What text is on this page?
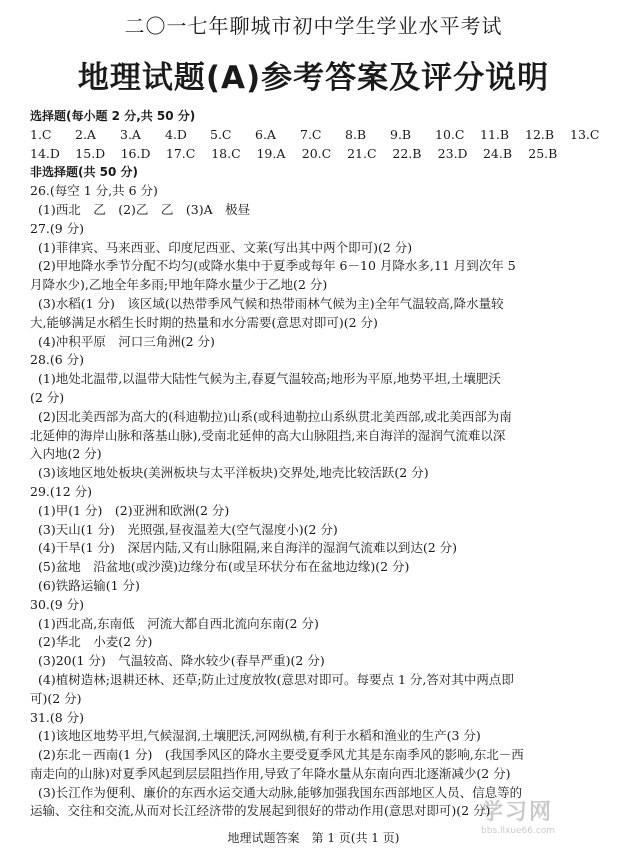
二〇一七年聊城市初中学生学业水平考试
地理试题(A)参考答案及评分说明
选择题(每小题 2 分,共 50 分)
1.C	2.A	3.A	4.D	5.C	6.A	7.C	8.B	9.B	10.C	11.B	12.B	13.C
14.D	15.D	16.D	17.C	18.C	19.A	20.C	21.C	22.B	23.D	24.B	25.B
非选择题(共 50 分)
26.(每空 1 分,共 6 分)
(1)西北　乙　(2)乙　乙　(3)A　极昼
27.(9 分)
(1)菲律宾、马来西亚、印度尼西亚、文莱(写出其中两个即可)(2 分)
(2)甲地降水季节分配不均匀(或降水集中于夏季或每年 6－10 月降水多,11 月到次年 5
月降水少),乙地全年多雨;甲地年降水量少于乙地(2 分)
(3)水稻(1 分)　该区域(以热带季风气候和热带雨林气候为主)全年气温较高,降水量较
大,能够满足水稻生长时期的热量和水分需要(意思对即可)(2 分)
(4)冲积平原　河口三角洲(2 分)
28.(6 分)
(1)地处北温带,以温带大陆性气候为主,春夏气温较高;地形为平原,地势平坦,土壤肥沃
(2 分)
(2)因北美西部为高大的(科迪勒拉)山系(或科迪勒拉山系纵贯北美西部,或北美西部为南
北延伸的海岸山脉和落基山脉),受南北延伸的高大山脉阻挡,来自海洋的湿润气流难以深
入内地(2 分)
(3)该地区地处板块(美洲板块与太平洋板块)交界处,地壳比较活跃(2 分)
29.(12 分)
(1)甲(1 分)　(2)亚洲和欧洲(2 分)
(3)天山(1 分)　光照强,昼夜温差大(空气湿度小)(2 分)
(4)干旱(1 分)　深居内陆,又有山脉阻隔,来自海洋的湿润气流难以到达(2 分)
(5)盆地　沿盆地(或沙漠)边缘分布(或呈环状分布在盆地边缘)(2 分)
(6)铁路运输(1 分)
30.(9 分)
(1)西北高,东南低　河流大都自西北流向东南(2 分)
(2)华北　小麦(2 分)
(3)20(1 分)　气温较高、降水较少(春旱严重)(2 分)
(4)植树造林;退耕还林、还草;防止过度放牧(意思对即可。每要点 1 分,答对其中两点即
可)(2 分)
31.(8 分)
(1)该地区地势平坦,气候湿润,土壤肥沃,河网纵横,有利于水稻和渔业的生产(3 分)
(2)东北－西南(1 分)　(我国季风区的降水主要受夏季风尤其是东南季风的影响,东北－西
南走向的山脉)对夏季风起到层层阻挡作用,导致了年降水量从东南向西北逐渐减少(2 分)
(3)长江作为便利、廉价的东西水运交通大动脉,能够加强我国东西部地区人员、信息等的
运输、交往和交流,从而对长江经济带的发展起到很好的带动作用(意思对即可)(2 分)
地理试题答案　第 1 页(共 1 页)
学习网
bbs.llxue66.com
